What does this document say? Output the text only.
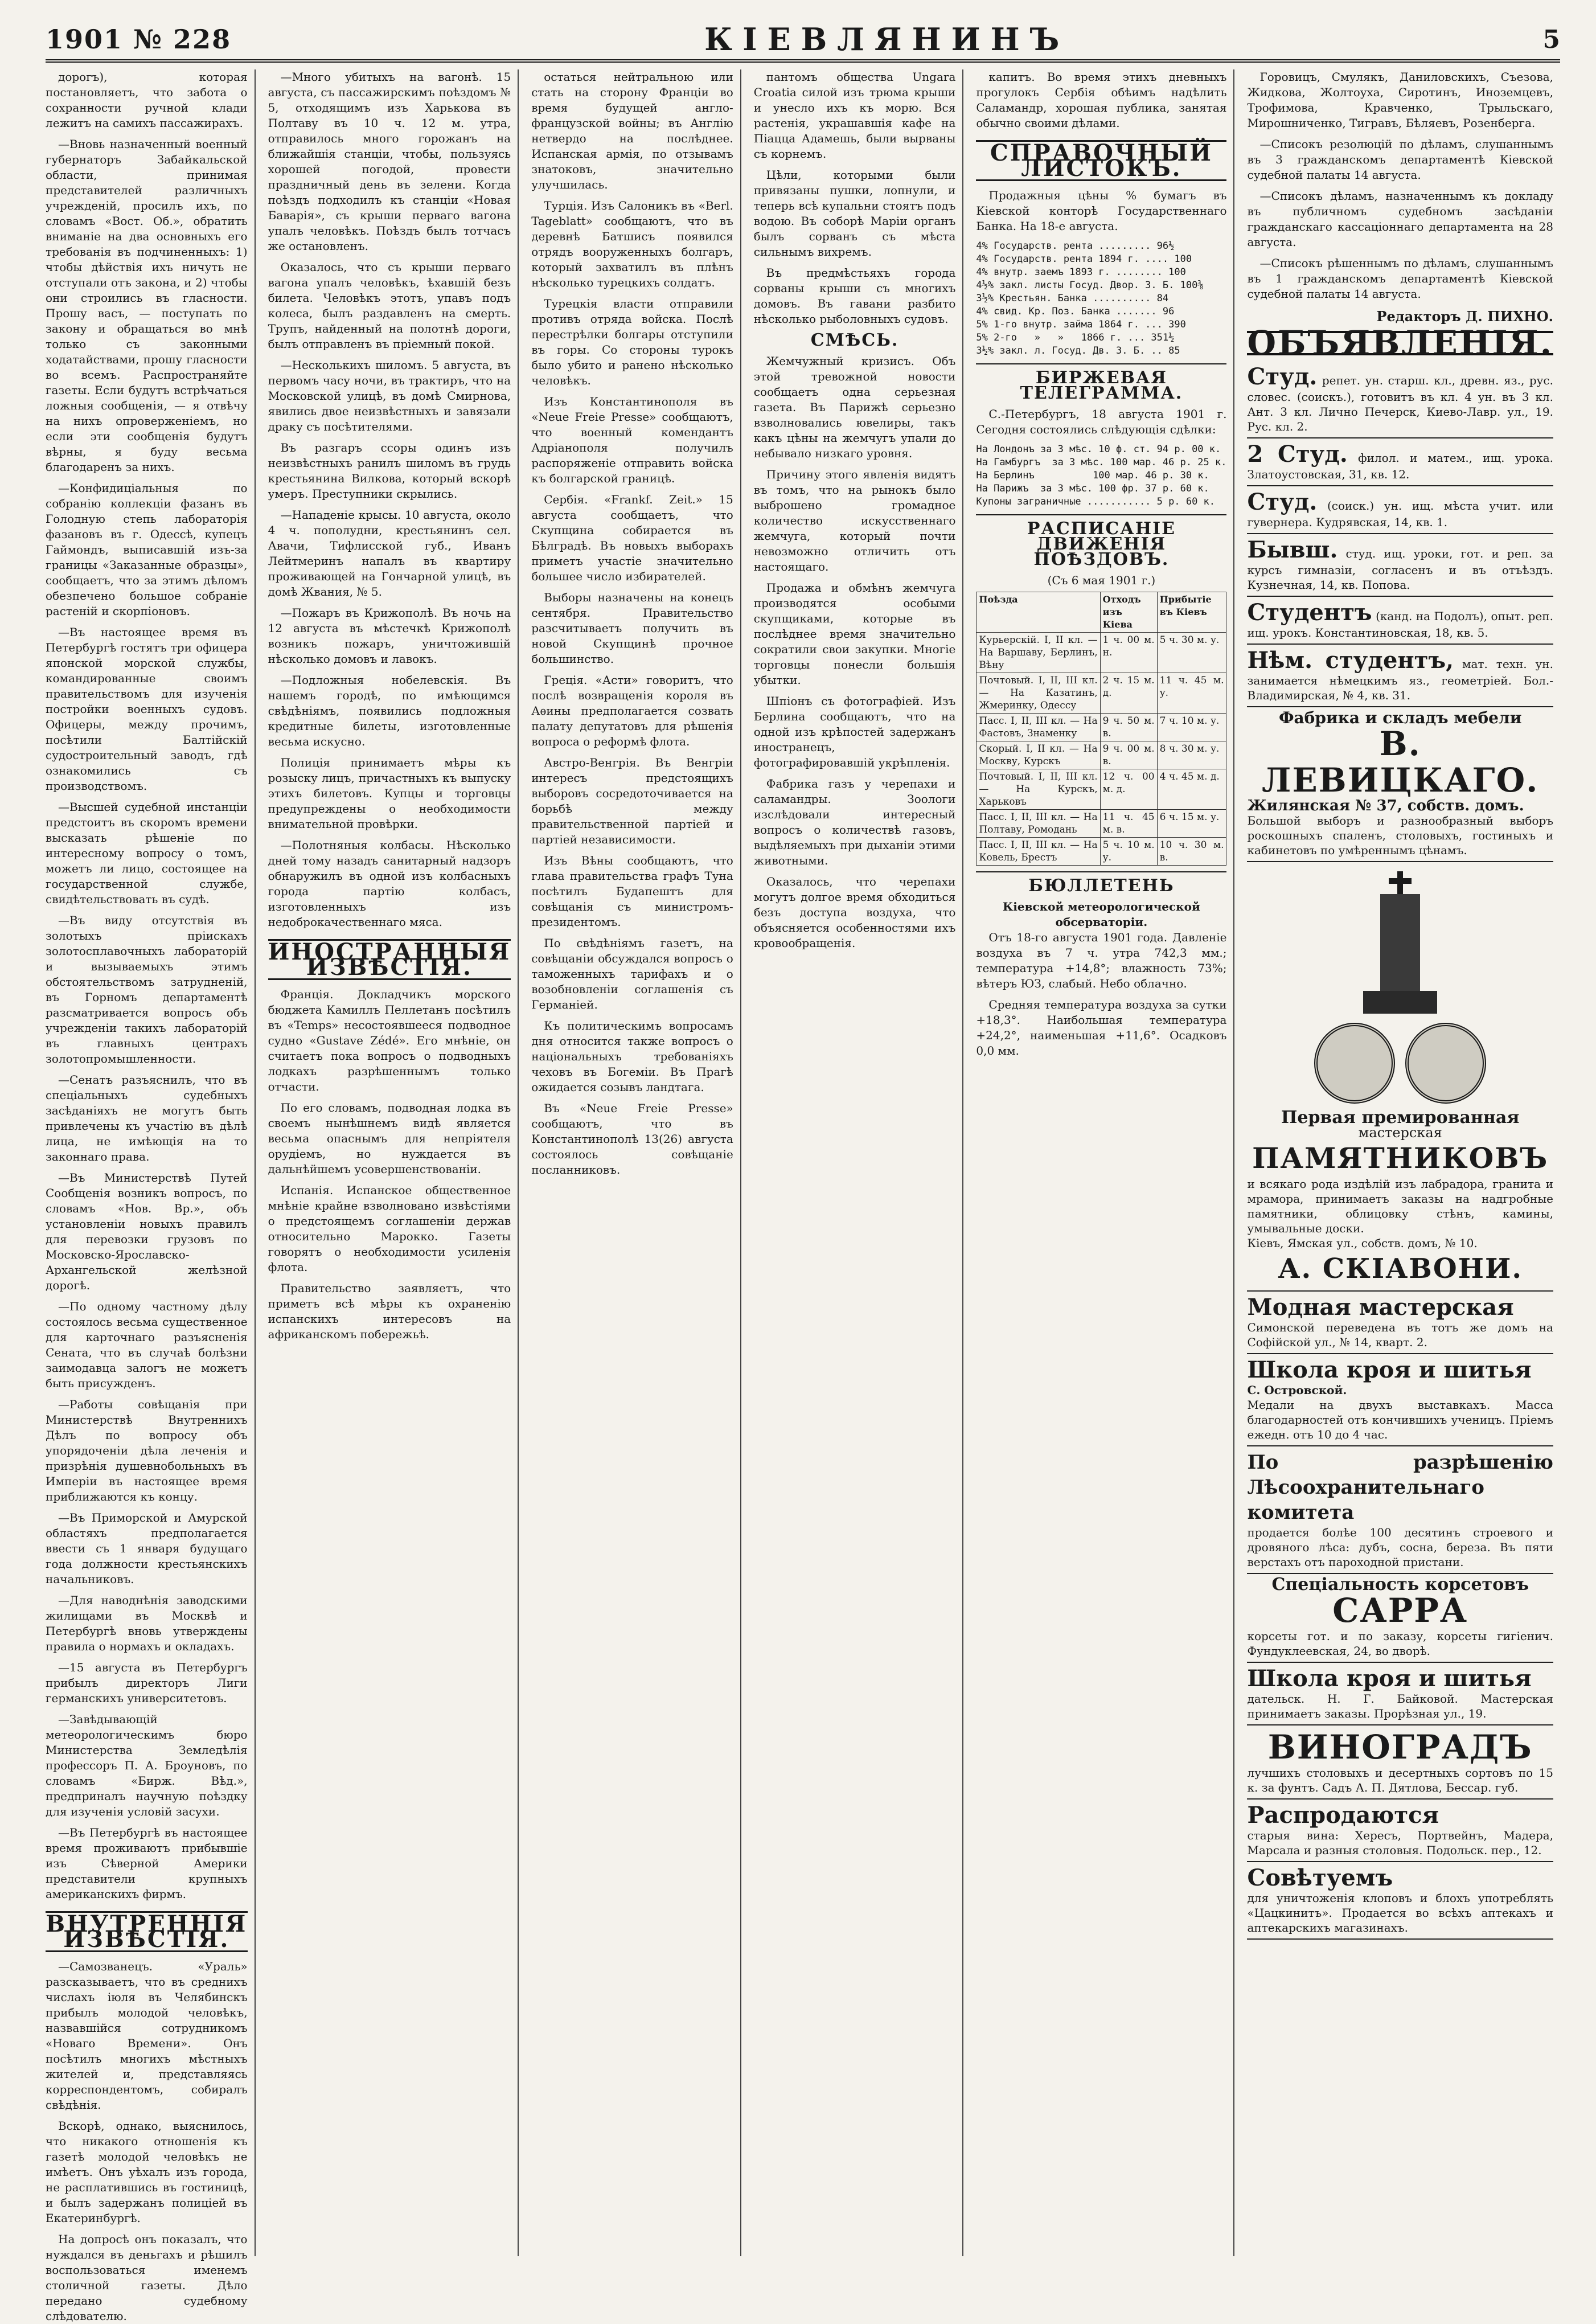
1901 № 228	КІЕВЛЯНИНЪ	5

дорогъ), которая постановляетъ, что забота о сохранности ручной клади лежитъ на самихъ пассажирахъ.

—Вновь назначенный военный губернаторъ Забайкальской области, принимая представителей различныхъ учрежденій, просилъ ихъ, по словамъ «Вост. Об.», обратить вниманіе на два основныхъ его требованія въ подчиненныхъ: 1) чтобы дѣйствія ихъ ничуть не отступали отъ закона, и 2) чтобы они строились въ гласности. Прошу васъ, — поступать по закону и обращаться во мнѣ только съ законными ходатайствами, прошу гласности во всемъ. Распространяйте газеты. Если будутъ встрѣчаться ложныя сообщенія, — я отвѣчу на нихъ опроверженіемъ, но если эти сообщенія будутъ вѣрны, я буду весьма благодаренъ за нихъ.

—Конфидиціальныя по собранію коллекціи фазанъ въ Голодную степь лабораторія фазановъ въ г. Одессѣ, купецъ Гаймондъ, выписавшій изъ-за границы «Заказанные образцы», сообщаетъ, что за этимъ дѣломъ обезпечено большое собраніе растеній и скорпіоновъ.

—Въ настоящее время въ Петербургѣ гостятъ три офицера японской морской службы, командированные своимъ правительствомъ для изученія постройки военныхъ судовъ. Офицеры, между прочимъ, посѣтили Балтійскій судостроительный заводъ, гдѣ ознакомились съ производствомъ.

—Высшей судебной инстанціи предстоитъ въ скоромъ времени высказать рѣшеніе по интересному вопросу о томъ, можетъ ли лицо, состоящее на государственной службе, свидѣтельствовать въ судѣ.

—Въ виду отсутствія въ золотыхъ пріискахъ золотосплавочныхъ лабораторій и вызываемыхъ этимъ обстоятельствомъ затрудненій, въ Горномъ департаментѣ разсматривается вопросъ объ учрежденіи такихъ лабораторій въ главныхъ центрахъ золотопромышленности.

—Сенатъ разъяснилъ, что въ спеціальныхъ судебныхъ засѣданіяхъ не могутъ быть привлечены къ участію въ дѣлѣ лица, не имѣющія на то законнаго права.

—Въ Министерствѣ Путей Сообщенія возникъ вопросъ, по словамъ «Нов. Вр.», объ установленіи новыхъ правилъ для перевозки грузовъ по Московско-Ярославско-Архангельской желѣзной дорогѣ.

—По одному частному дѣлу состоялось весьма существенное для карточнаго разъясненія Сената, что въ случаѣ болѣзни заимодавца залогъ не можетъ быть присужденъ.

—Работы совѣщанія при Министерствѣ Внутреннихъ Дѣлъ по вопросу объ упорядоченіи дѣла леченія и призрѣнія душевнобольныхъ въ Имперіи въ настоящее время приближаются къ концу.

—Въ Приморской и Амурской областяхъ предполагается ввести съ 1 января будущаго года должности крестьянскихъ начальниковъ.

—Для наводнѣнія заводскими жилищами въ Москвѣ и Петербургѣ вновь утверждены правила о нормахъ и окладахъ.

—15 августа въ Петербургъ прибылъ директоръ Лиги германскихъ университетовъ.

—Завѣдывающій метеорологическимъ бюро Министерства Земледѣлія профессоръ П. А. Броуновъ, по словамъ «Бирж. Вѣд.», предприналъ научную поѣздку для изученія условій засухи.

—Въ Петербургѣ въ настоящее время проживаютъ прибывшіе изъ Сѣверной Америки представители крупныхъ американскихъ фирмъ.

ВНУТРЕННІЯ ИЗВѢСТІЯ.

—Самозванецъ. «Ураль» разсказываетъ, что въ среднихъ числахъ іюля въ Челябинскъ прибылъ молодой человѣкъ, назвавшійся сотрудникомъ «Новаго Времени». Онъ посѣтилъ многихъ мѣстныхъ жителей и, представляясь корреспондентомъ, собиралъ свѣдѣнія.

Вскорѣ, однако, выяснилось, что никакого отношенія къ газетѣ молодой человѣкъ не имѣетъ. Онъ уѣхалъ изъ города, не расплатившись въ гостиницѣ, и былъ задержанъ полиціей въ Екатеринбургѣ.

На допросѣ онъ показалъ, что нуждался въ деньгахъ и рѣшилъ воспользоваться именемъ столичной газеты. Дѣло передано судебному слѣдователю.

—Много убитыхъ на вагонѣ. 15 августа, съ пассажирскимъ поѣздомъ № 5, отходящимъ изъ Харькова въ Полтаву въ 10 ч. 12 м. утра, отправилось много горожанъ на ближайшія станціи, чтобы, пользуясь хорошей погодой, провести праздничный день въ зелени. Когда поѣздъ подходилъ къ станціи «Новая Баварія», съ крыши перваго вагона упалъ человѣкъ. Поѣздъ былъ тотчасъ же остановленъ.

Оказалось, что съ крыши перваго вагона упалъ человѣкъ, ѣхавшій безъ билета. Человѣкъ этотъ, упавъ подъ колеса, былъ раздавленъ на смерть. Трупъ, найденный на полотнѣ дороги, былъ отправленъ въ пріемный покой.

—Несколькихъ шиломъ. 5 августа, въ первомъ часу ночи, въ трактиръ, что на Московской улицѣ, въ домѣ Смирнова, явились двое неизвѣстныхъ и завязали драку съ посѣтителями.

Въ разгаръ ссоры одинъ изъ неизвѣстныхъ ранилъ шиломъ въ грудь крестьянина Вилкова, который вскорѣ умеръ. Преступники скрылись.

—Нападеніе крысы. 10 августа, около 4 ч. пополудни, крестьянинъ сел. Авачи, Тифлисской губ., Иванъ Лейтмеринъ напалъ въ квартиру проживающей на Гончарной улицѣ, въ домѣ Жвания, № 5.

—Пожаръ въ Крижополѣ. Въ ночь на 12 августа въ мѣстечкѣ Крижополѣ возникъ пожаръ, уничтожившій нѣсколько домовъ и лавокъ.

—Подложныя нобелевскія. Въ нашемъ городѣ, по имѣющимся свѣдѣніямъ, появились подложныя кредитные билеты, изготовленные весьма искусно.

Полиція принимаетъ мѣры къ розыску лицъ, причастныхъ къ выпуску этихъ билетовъ. Купцы и торговцы предупреждены о необходимости внимательной провѣрки.

—Полотняныя колбасы. Нѣсколько дней тому назадъ санитарный надзоръ обнаружилъ въ одной изъ колбасныхъ города партію колбасъ, изготовленныхъ изъ недоброкачественнаго мяса.

ИНОСТРАННЫЯ ИЗВѢСТІЯ.

Франція. Докладчикъ морского бюджета Камиллъ Пеллетанъ посѣтилъ въ «Temps» несостоявшееся подводное судно «Gustave Zédé». Его мнѣніе, он считаетъ пока вопросъ о подводныхъ лодкахъ разрѣшеннымъ только отчасти.

По его словамъ, подводная лодка въ своемъ нынѣшнемъ видѣ является весьма опаснымъ для непріятеля орудіемъ, но нуждается въ дальнѣйшемъ усовершенствованіи.

Испанія. Испанское общественное мнѣніе крайне взволновано извѣстіями о предстоящемъ соглашеніи держав относительно Марокко. Газеты говорятъ о необходимости усиленія флота.

Правительство заявляетъ, что приметъ всѣ мѣры къ охраненію испанскихъ интересовъ на африканскомъ побережьѣ.

остаться нейтральною или стать на сторону Франціи во время будущей англо-французской войны; въ Англію нетвердо на послѣднее. Испанская армія, по отзывамъ знатоковъ, значительно улучшилась.

Турція. Изъ Салоникъ въ «Berl. Tageblatt» сообщаютъ, что въ деревнѣ Батшисъ появился отрядъ вооруженныхъ болгаръ, который захватилъ въ плѣнъ нѣсколько турецкихъ солдатъ.

Турецкія власти отправили противъ отряда войска. Послѣ перестрѣлки болгары отступили въ горы. Со стороны турокъ было убито и ранено нѣсколько человѣкъ.

Изъ Константинополя въ «Neue Freie Presse» сообщаютъ, что военный комендантъ Адріанополя получилъ распоряженіе отправить войска къ болгарской границѣ.

Сербія. «Frankf. Zeit.» 15 августа сообщаетъ, что Скупщина собирается въ Бѣлградѣ. Въ новыхъ выборахъ приметъ участіе значительно большее число избирателей.

Выборы назначены на конецъ сентября. Правительство разсчитываетъ получить въ новой Скупщинѣ прочное большинство.

Греція. «Асти» говоритъ, что послѣ возвращенія короля въ Аѳины предполагается созвать палату депутатовъ для рѣшенія вопроса о реформѣ флота.

Австро-Венгрія. Въ Венгріи интересъ предстоящихъ выборовъ сосредоточивается на борьбѣ между правительственной партіей и партіей независимости.

Изъ Вѣны сообщаютъ, что глава правительства графъ Туна посѣтилъ Будапештъ для совѣщанія съ министромъ-президентомъ.

По свѣдѣніямъ газетъ, на совѣщаніи обсуждался вопросъ о таможенныхъ тарифахъ и о возобновленіи соглашенія съ Германіей.

Къ политическимъ вопросамъ дня относится также вопросъ о національныхъ требованіяхъ чеховъ въ Богеміи. Въ Прагѣ ожидается созывъ ландтага.

Въ «Neue Freie Presse» сообщаютъ, что въ Константинополѣ 13(26) августа состоялось совѣщаніе посланниковъ.

пантомъ общества Ungara Croatia силой изъ трюма крыши и унесло ихъ къ морю. Вся растенія, украшавшія кафе на Піацца Адамешь, были вырваны съ корнемъ.

Цѣли, которыми были привязаны пушки, лопнули, и теперь всѣ купальни стоятъ подъ водою. Въ соборѣ Маріи органъ былъ сорванъ съ мѣста сильнымъ вихремъ.

Въ предмѣстьяхъ города сорваны крыши съ многихъ домовъ. Въ гавани разбито нѣсколько рыболовныхъ судовъ.

СМѢСЬ.

Жемчужный кризисъ. Объ этой тревожной новости сообщаетъ одна серьезная газета. Въ Парижѣ серьезно взволновались ювелиры, такъ какъ цѣны на жемчугъ упали до небывало низкаго уровня.

Причину этого явленія видятъ въ томъ, что на рынокъ было выброшено громадное количество искусственнаго жемчуга, который почти невозможно отличить отъ настоящаго.

Продажа и обмѣнъ жемчуга производятся особыми скупщиками, которые въ послѣднее время значительно сократили свои закупки. Многіе торговцы понесли большія убытки.

Шпіонъ съ фотографіей. Изъ Берлина сообщаютъ, что на одной изъ крѣпостей задержанъ иностранецъ, фотографировавшій укрѣпленія.

Фабрика газъ у черепахи и саламандры. Зоологи изслѣдовали интересный вопросъ о количествѣ газовъ, выдѣляемыхъ при дыханіи этими животными.

Оказалось, что черепахи могутъ долгое время обходиться безъ доступа воздуха, что объясняется особенностями ихъ кровообращенія.

капитъ. Во время этихъ дневныхъ прогулокъ Сербія обѣимъ надѣлить Саламандр, хорошая публика, занятая обычно своими дѣлами.

СПРАВОЧНЫЙ ЛИСТОКЪ.

Продажныя цѣны % бумагъ въ Кіевской конторѣ Государственнаго Банка. На 18-е августа.

4% Государств. рента ......... 96½
4% Государств. рента 1894 г. .... 100
4% внутр. заемъ 1893 г. ........ 100
4½% закл. листы Госуд. Двор. З. Б. 100⅜
3½% Крестьян. Банка .......... 84
4% свид. Кр. Поз. Банка ....... 96
5% 1-го внутр. займа 1864 г. ... 390
5% 2-го   »   »   1866 г. ... 351½
3½% закл. л. Госуд. Дв. З. Б. .. 85
БИРЖЕВАЯ ТЕЛЕГРАММА.

С.-Петербургъ, 18 августа 1901 г. Сегодня состоялись слѣдующія сдѣлки:

На Лондонъ за 3 мѣс. 10 ф. ст. 94 р. 00 к.
На Гамбургъ  за 3 мѣс. 100 мар. 46 р. 25 к.
На Берлинъ          100 мар. 46 р. 30 к.
На Парижъ  за 3 мѣс. 100 фр. 37 р. 60 к.
Купоны заграничные ........... 5 р. 60 к.
РАСПИСАНІЕ ДВИЖЕНІЯ ПОѢЗДОВЪ.
(Съ 6 мая 1901 г.)
Поѣзда	Отходъ изъ Кіева	Прибытіе въ Кіевъ
Курьерскій. I, II кл. — На Варшаву, Берлинъ, Вѣну	1 ч. 00 м. н.	5 ч. 30 м. у.
Почтовый. I, II, III кл. — На Казатинъ, Жмеринку, Одессу	2 ч. 15 м. д.	11 ч. 45 м. у.
Пасс. I, II, III кл. — На Фастовъ, Знаменку	9 ч. 50 м. в.	7 ч. 10 м. у.
Скорый. I, II кл. — На Москву, Курскъ	9 ч. 00 м. в.	8 ч. 30 м. у.
Почтовый. I, II, III кл. — На Курскъ, Харьковъ	12 ч. 00 м. д.	4 ч. 45 м. д.
Пасс. I, II, III кл. — На Полтаву, Ромодань	11 ч. 45 м. в.	6 ч. 15 м. у.
Пасс. I, II, III кл. — На Ковель, Брестъ	5 ч. 10 м. у.	10 ч. 30 м. в.
БЮЛЛЕТЕНЬ
Кіевской метеорологической обсерваторіи.

Отъ 18-го августа 1901 года. Давленіе воздуха въ 7 ч. утра 742,3 мм.; температура +14,8°; влажность 73%; вѣтеръ ЮЗ, слабый. Небо облачно.

Средняя температура воздуха за сутки +18,3°. Наибольшая температура +24,2°, наименьшая +11,6°. Осадковъ 0,0 мм.

Горовицъ, Смулякъ, Даниловскихъ, Съезова, Жидкова, Жолтоуха, Сиротинъ, Иноземцевъ, Трофимова, Кравченко, Трыльскаго, Мирошниченко, Тигравъ, Бѣляевъ, Розенберга.

—Списокъ резолюцій по дѣламъ, слушаннымъ въ 3 гражданскомъ департаментѣ Кіевской судебной палаты 14 августа.

—Списокъ дѣламъ, назначеннымъ къ докладу въ публичномъ судебномъ засѣданіи гражданскаго кассаціоннаго департамента на 28 августа.

—Списокъ рѣшеннымъ по дѣламъ, слушаннымъ въ 1 гражданскомъ департаментѣ Кіевской судебной палаты 14 августа.

Редакторъ Д. ПИХНО.
ОБЪЯВЛЕНІЯ.
Студ. репет. ун. старш. кл., древн. яз., рус. словес. (соискъ.), готовитъ въ кл. 4 ун. въ 3 кл. Ант. 3 кл. Лично Печерск, Киево-Лавр. ул., 19. Рус. кл. 2.
2 Студ. филол. и матем., ищ. урока. Златоустовская, 31, кв. 12.
Студ. (соиск.) ун. ищ. мѣста учит. или гувернера. Кудрявская, 14, кв. 1.
Бывш. студ. ищ. уроки, гот. и реп. за курсъ гимназіи, согласенъ и въ отъѣздъ. Кузнечная, 14, кв. Попова.
Студентъ (канд. на Подолъ), опыт. реп. ищ. урокъ. Константиновская, 18, кв. 5.
Нѣм. студентъ, мат. техн. ун. занимается нѣмецкимъ яз., геометріей. Бол.-Владимирская, № 4, кв. 31.
Фабрика и складъ мебели
В. ЛЕВИЦКАГО.
Жилянская № 37, собств. домъ.
Большой выборъ и разнообразный выборъ роскошныхъ спаленъ, столовыхъ, гостиныхъ и кабинетовъ по умѣреннымъ цѣнамъ.

Первая премированная
мастерская
ПАМЯТНИКОВЪ
и всякаго рода издѣлій изъ лабрадора, гранита и мрамора, принимаетъ заказы на надгробные памятники, облицовку стѣнъ, камины, умывальные доски.
Кіевъ, Ямская ул., собств. домъ, № 10.
А. СКІАВОНИ.
Модная мастерская
Симонской переведена въ тотъ же домъ на Софійской ул., № 14, кварт. 2.
Школа кроя и шитья
С. Островской.
Медали на двухъ выставкахъ. Масса благодарностей отъ кончившихъ ученицъ. Пріемъ ежедн. отъ 10 до 4 час.
По разрѣшенію Лѣсоохранительнаго комитета
продается болѣе 100 десятинъ строевого и дровяного лѣса: дубъ, сосна, береза. Въ пяти верстахъ отъ пароходной пристани.
Спеціальность корсетовъ
САРРА
корсеты гот. и по заказу, корсеты гигіенич. Фундуклеевская, 24, во дворѣ.
Школа кроя и шитья
дательск. Н. Г. Байковой. Мастерская принимаетъ заказы. Прорѣзная ул., 19.
ВИНОГРАДЪ
лучшихъ столовыхъ и десертныхъ сортовъ по 15 к. за фунтъ. Садъ А. П. Дятлова, Бессар. губ.
Распродаются
старыя вина: Хересъ, Портвейнъ, Мадера, Марсала и разныя столовыя. Подольск. пер., 12.
Совѣтуемъ
для уничтоженія клоповъ и блохъ употреблять «Цацкинитъ». Продается во всѣхъ аптекахъ и аптекарскихъ магазинахъ.
